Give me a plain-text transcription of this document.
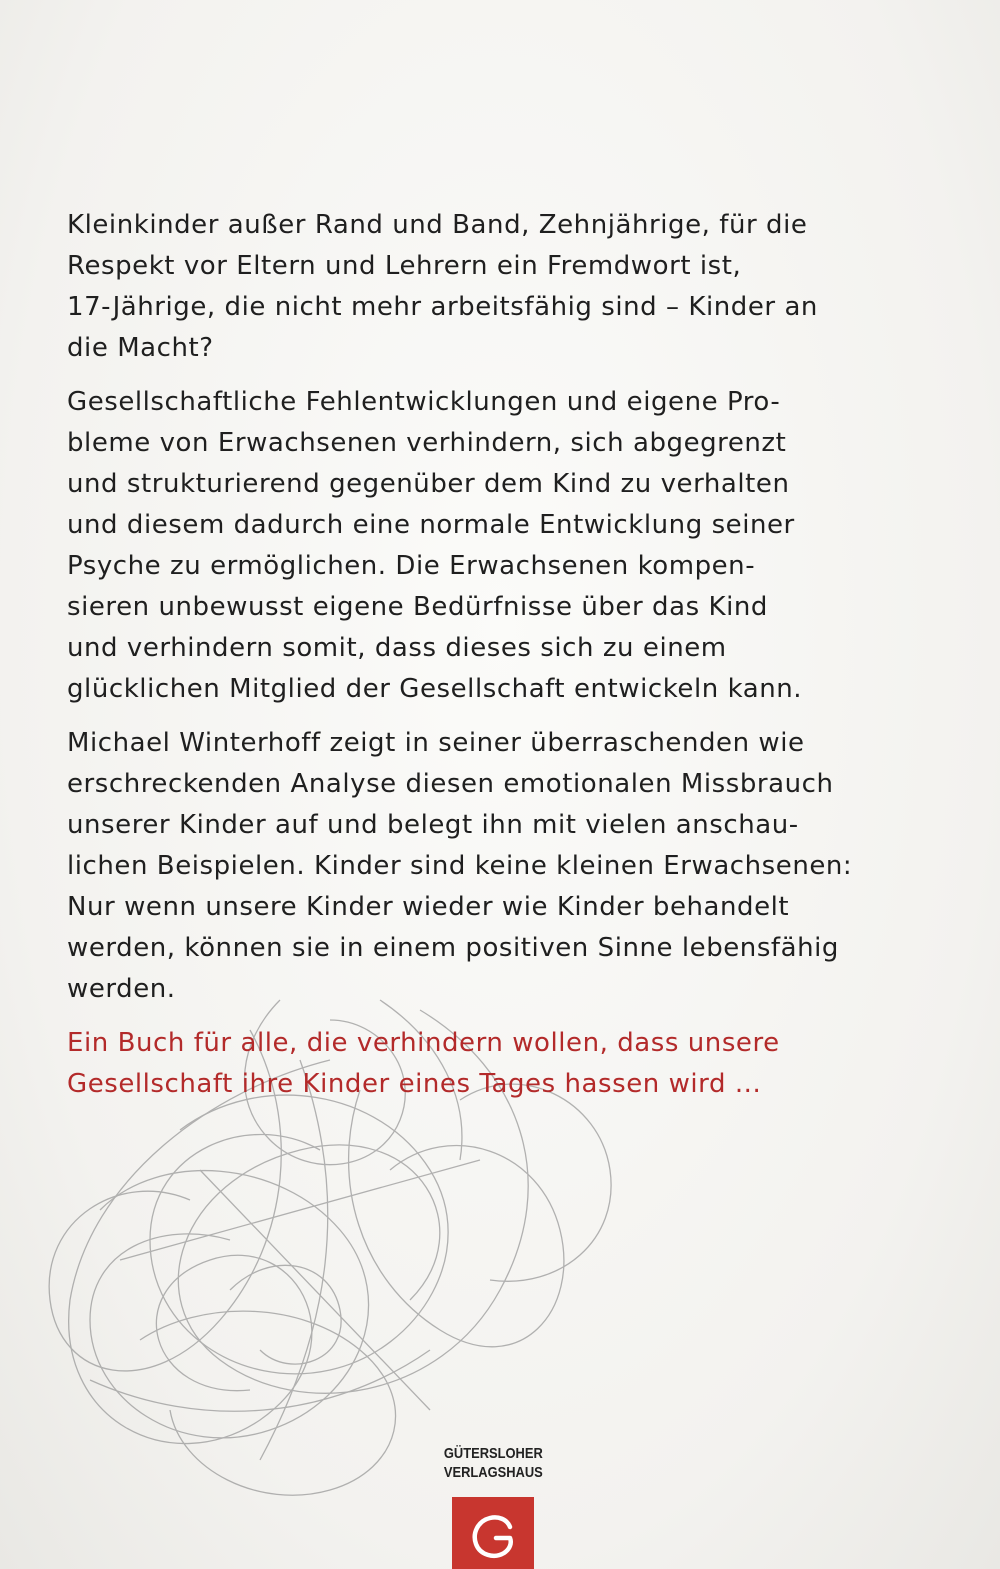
Kleinkinder außer Rand und Band, Zehnjährige, für die
Respekt vor Eltern und Lehrern ein Fremdwort ist,
17-Jährige, die nicht mehr arbeitsfähig sind – Kinder an
die Macht?

Gesellschaftliche Fehlentwicklungen und eigene Pro-
bleme von Erwachsenen verhindern, sich abgegrenzt
und strukturierend gegenüber dem Kind zu verhalten
und diesem dadurch eine normale Entwicklung seiner
Psyche zu ermöglichen. Die Erwachsenen kompen-
sieren unbewusst eigene Bedürfnisse über das Kind
und verhindern somit, dass dieses sich zu einem
glücklichen Mitglied der Gesellschaft entwickeln kann.

Michael Winterhoff zeigt in seiner überraschenden wie
erschreckenden Analyse diesen emotionalen Missbrauch
unserer Kinder auf und belegt ihn mit vielen anschau-
lichen Beispielen. Kinder sind keine kleinen Erwachsenen:
Nur wenn unsere Kinder wieder wie Kinder behandelt
werden, können sie in einem positiven Sinne lebensfähig
werden.

Ein Buch für alle, die verhindern wollen, dass unsere
Gesellschaft ihre Kinder eines Tages hassen wird ...

GÜTERSLOHER
VERLAGSHAUS
